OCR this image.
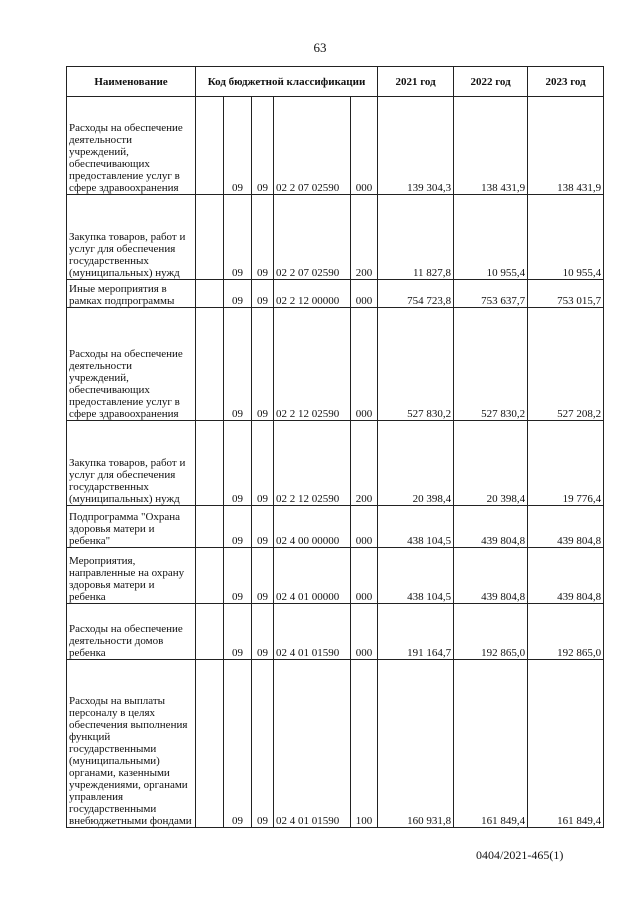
63
Наименование	Код бюджетной классификации					2021 год	2022 год	2023 год
Расходы на обеспечение деятельности учреждений, обеспечивающих предоставление услуг в сфере здравоохранения		09	09	02 2 07 02590	000	139 304,3	138 431,9	138 431,9
Закупка товаров, работ и услуг для обеспечения государственных (муниципальных) нужд		09	09	02 2 07 02590	200	11 827,8	10 955,4	10 955,4
Иные мероприятия в рамках подпрограммы		09	09	02 2 12 00000	000	754 723,8	753 637,7	753 015,7
Расходы на обеспечение деятельности учреждений, обеспечивающих предоставление услуг в сфере здравоохранения		09	09	02 2 12 02590	000	527 830,2	527 830,2	527 208,2
Закупка товаров, работ и услуг для обеспечения государственных (муниципальных) нужд		09	09	02 2 12 02590	200	20 398,4	20 398,4	19 776,4
Подпрограмма "Охрана здоровья матери и ребенка"		09	09	02 4 00 00000	000	438 104,5	439 804,8	439 804,8
Мероприятия, направленные на охрану здоровья матери и ребенка		09	09	02 4 01 00000	000	438 104,5	439 804,8	439 804,8
Расходы на обеспечение деятельности домов ребенка		09	09	02 4 01 01590	000	191 164,7	192 865,0	192 865,0
Расходы на выплаты персоналу в целях обеспечения выполнения функций государственными (муниципальными) органами, казенными учреждениями, органами управления государственными внебюджетными фондами		09	09	02 4 01 01590	100	160 931,8	161 849,4	161 849,4
0404/2021-465(1)
